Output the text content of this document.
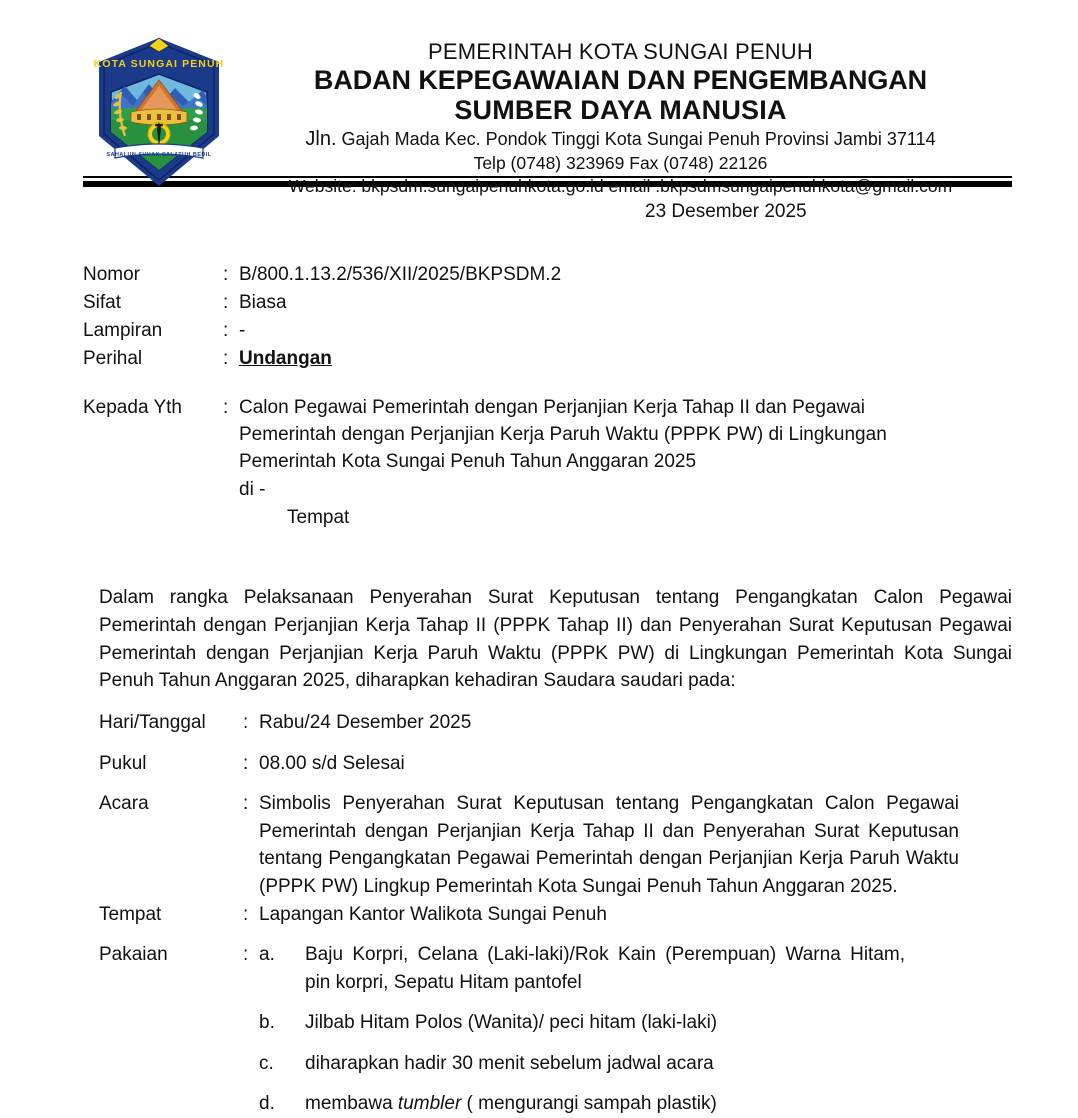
KOTA SUNGAI PENUH
SAHALUN SUHAK SALATUH BEDIL
PEMERINTAH KOTA SUNGAI PENUH
BADAN KEPEGAWAIAN DAN PENGEMBANGAN
SUMBER DAYA MANUSIA
Jln. Gajah Mada Kec. Pondok Tinggi Kota Sungai Penuh Provinsi Jambi 37114
Telp (0748) 323969 Fax (0748) 22126
Website: bkpsdm.sungaipenuhkota.go.id email :bkpsdmsungaipenuhkota@gmail.com
23 Desember 2025
Nomor	: B/800.1.13.2/536/XII/2025/BKPSDM.2
Sifat	: Biasa
Lampiran	: -
Perihal	: Undangan
Kepada Yth	: Calon Pegawai Pemerintah dengan Perjanjian Kerja Tahap II dan Pegawai Pemerintah dengan Perjanjian Kerja Paruh Waktu (PPPK PW) di Lingkungan Pemerintah Kota Sungai Penuh Tahun Anggaran 2025
di -
Tempat
Dalam rangka Pelaksanaan Penyerahan Surat Keputusan tentang Pengangkatan Calon Pegawai Pemerintah dengan Perjanjian Kerja Tahap II (PPPK Tahap II) dan Penyerahan Surat Keputusan Pegawai Pemerintah dengan Perjanjian Kerja Paruh Waktu (PPPK PW) di Lingkungan Pemerintah Kota Sungai Penuh Tahun Anggaran 2025, diharapkan kehadiran Saudara saudari pada:
Hari/Tanggal	: Rabu/24 Desember 2025
Pukul	: 08.00 s/d Selesai
Acara	: Simbolis Penyerahan Surat Keputusan tentang Pengangkatan Calon Pegawai Pemerintah dengan Perjanjian Kerja Tahap II dan Penyerahan Surat Keputusan tentang Pengangkatan Pegawai Pemerintah dengan Perjanjian Kerja Paruh Waktu (PPPK PW) Lingkup Pemerintah Kota Sungai Penuh Tahun Anggaran 2025.
Tempat	: Lapangan Kantor Walikota Sungai Penuh
Pakaian	: a.	Baju Korpri, Celana (Laki-laki)/Rok Kain (Perempuan) Warna Hitam, pin korpri, Sepatu Hitam pantofel
b.	Jilbab Hitam Polos (Wanita)/ peci hitam (laki-laki)
c.	diharapkan hadir 30 menit sebelum jadwal acara
d.	membawa tumbler ( mengurangi sampah plastik)
